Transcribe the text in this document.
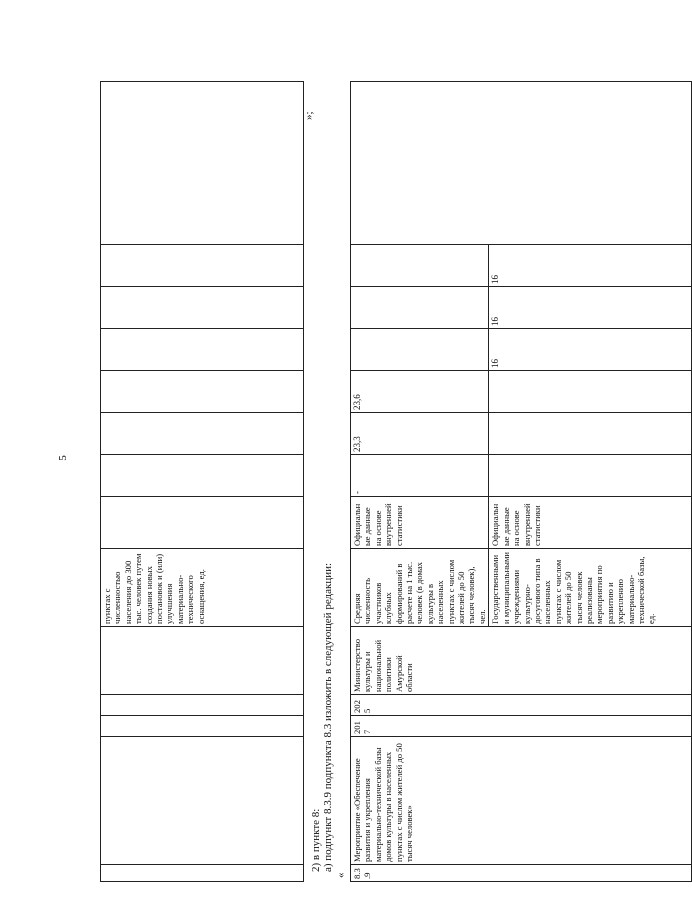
5
					пунктах с численностью населения до 300 тыс. человек путем создания новых постановок и (или) улучшения материально-технического оснащения, ед.								
»;
2) в пункте 8: а) подпункт 8.3.9 подпункта 8.3 изложить в следующей редакции:
« 8.3.9	Мероприятие «Обеспечение развития и укрепления материально-технической базы домов культуры в населенных пунктах с числом жителей до 50 тысяч человек»	2017	2025	Министерство культуры и национальной политики Амурской области	Средняя численность участников клубных формирований в расчете на 1 тыс. человек (в домах культуры в населенных пунктах с числом жителей до 50 тысяч человек), чел.	Официальные данные на основе внутренней статистики	-	23,3	23,6				
					Государственными и муниципальными учреждениями культурно-досугового типа в населенных пунктах с числом жителей до 50 тысяч человек реализованы мероприятия по развитию и укреплению материально-технической базы, ед.	Официальные данные на основе внутренней статистики				16	16	16	
